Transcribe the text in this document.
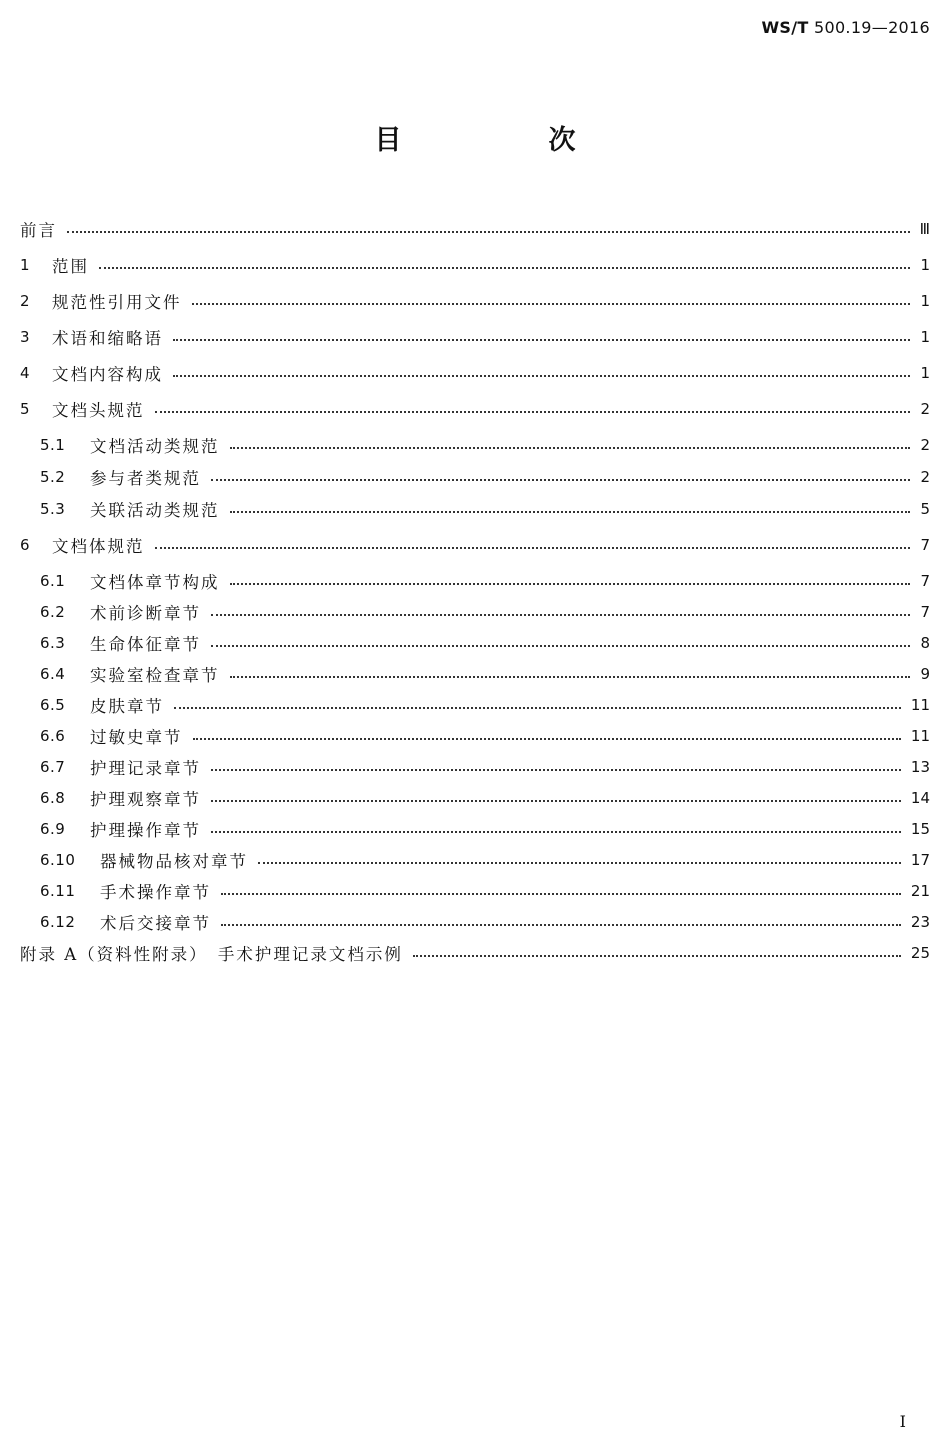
WS/T 500.19—2016
目　次
前言	Ⅲ
1	范围	1
2	规范性引用文件	1
3	术语和缩略语	1
4	文档内容构成	1
5	文档头规范	2
5.1	文档活动类规范	2
5.2	参与者类规范	2
5.3	关联活动类规范	5
6	文档体规范	7
6.1	文档体章节构成	7
6.2	术前诊断章节	7
6.3	生命体征章节	8
6.4	实验室检查章节	9
6.5	皮肤章节	11
6.6	过敏史章节	11
6.7	护理记录章节	13
6.8	护理观察章节	14
6.9	护理操作章节	15
6.10	器械物品核对章节	17
6.11	手术操作章节	21
6.12	术后交接章节	23
附录 A（资料性附录）　手术护理记录文档示例	25
I
